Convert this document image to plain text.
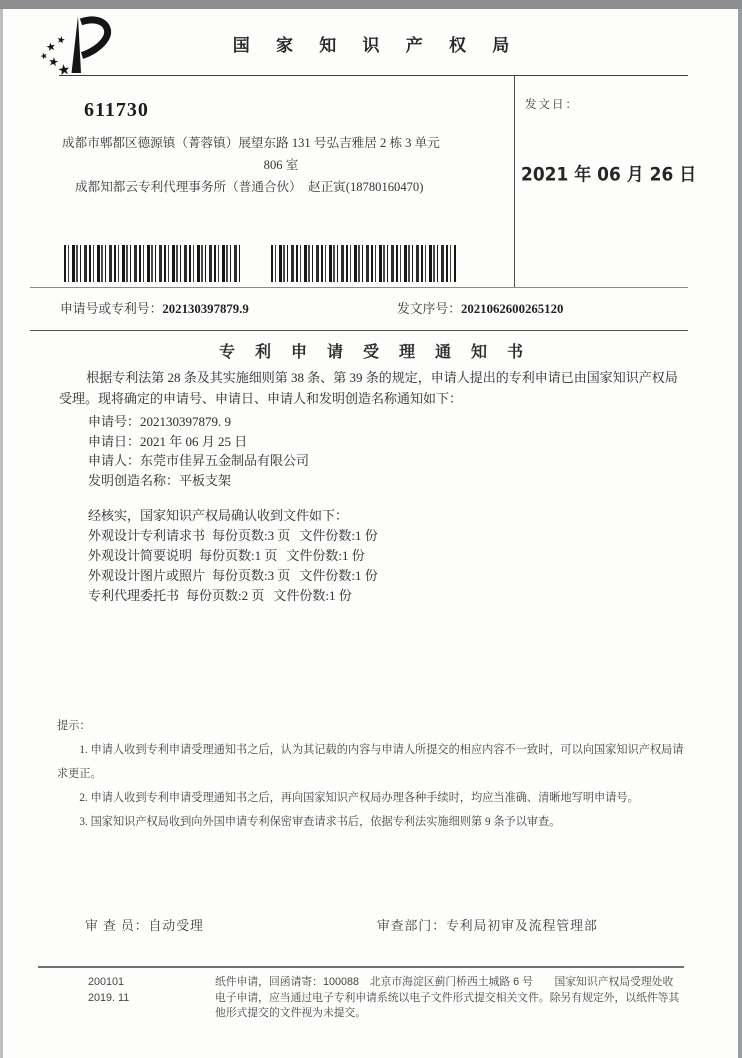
国 家 知 识 产 权 局
611730
成都市郫都区德源镇（菁蓉镇）展望东路 131 号弘吉雅居 2 栋 3 单元
806 室
成都知都云专利代理事务所（普通合伙）　赵正寅(18780160470)
发文日：
2021 年 06 月 26 日
申请号或专利号：202130397879.9	发文序号：2021062600265120
专 利 申 请 受 理 通 知 书

根据专利法第 28 条及其实施细则第 38 条、第 39 条的规定，申请人提出的专利申请已由国家知识产权局受理。现将确定的申请号、申请日、申请人和发明创造名称通知如下：

申请号：202130397879. 9
申请日：2021 年 06 月 25 日
申请人：东莞市佳昇五金制品有限公司
发明创造名称：平板支架
经核实，国家知识产权局确认收到文件如下：
外观设计专利请求书 每份页数:3 页 文件份数:1 份
外观设计简要说明 每份页数:1 页 文件份数:1 份
外观设计图片或照片 每份页数:3 页 文件份数:1 份
专利代理委托书 每份页数:2 页 文件份数:1 份
提示：
1. 申请人收到专利申请受理通知书之后，认为其记载的内容与申请人所提交的相应内容不一致时，可以向国家知识产权局请求更正。
2. 申请人收到专利申请受理通知书之后，再向国家知识产权局办理各种手续时，均应当准确、清晰地写明申请号。
3. 国家知识产权局收到向外国申请专利保密审查请求书后，依据专利法实施细则第 9 条予以审查。
审 查 员：自动受理	审查部门：专利局初审及流程管理部
200101
2019. 11
纸件申请，回函请寄：100088　北京市海淀区蓟门桥西土城路 6 号　　国家知识产权局受理处收
电子申请，应当通过电子专利申请系统以电子文件形式提交相关文件。除另有规定外，以纸件等其他形式提交的文件视为未提交。
